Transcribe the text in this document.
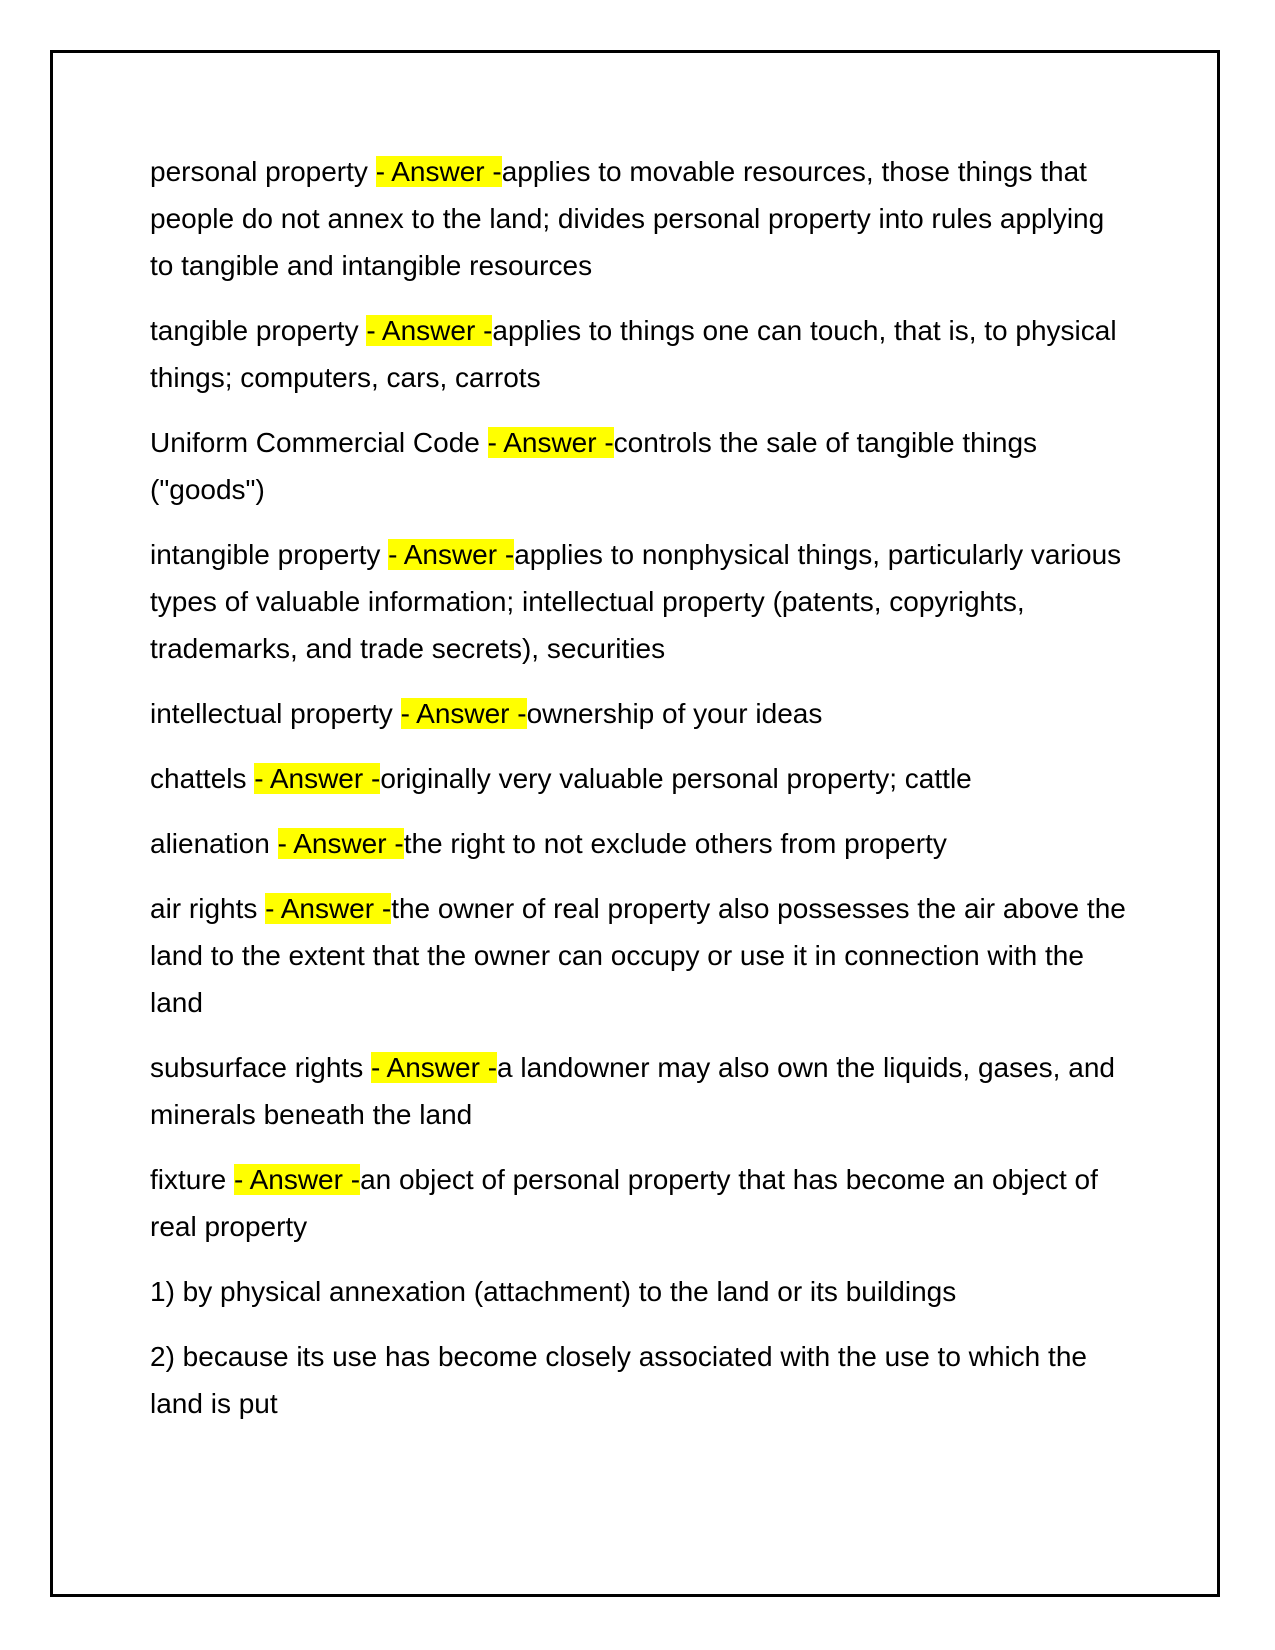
personal property - Answer -applies to movable resources, those things that people do not annex to the land; divides personal property into rules applying to tangible and intangible resources

tangible property - Answer -applies to things one can touch, that is, to physical things; computers, cars, carrots

Uniform Commercial Code - Answer -controls the sale of tangible things ("goods")

intangible property - Answer -applies to nonphysical things, particularly various types of valuable information; intellectual property (patents, copyrights, trademarks, and trade secrets), securities

intellectual property - Answer -ownership of your ideas

chattels - Answer -originally very valuable personal property; cattle

alienation - Answer -the right to not exclude others from property

air rights - Answer -the owner of real property also possesses the air above the land to the extent that the owner can occupy or use it in connection with the land

subsurface rights - Answer -a landowner may also own the liquids, gases, and minerals beneath the land

fixture - Answer -an object of personal property that has become an object of real property

1) by physical annexation (attachment) to the land or its buildings

2) because its use has become closely associated with the use to which the land is put
